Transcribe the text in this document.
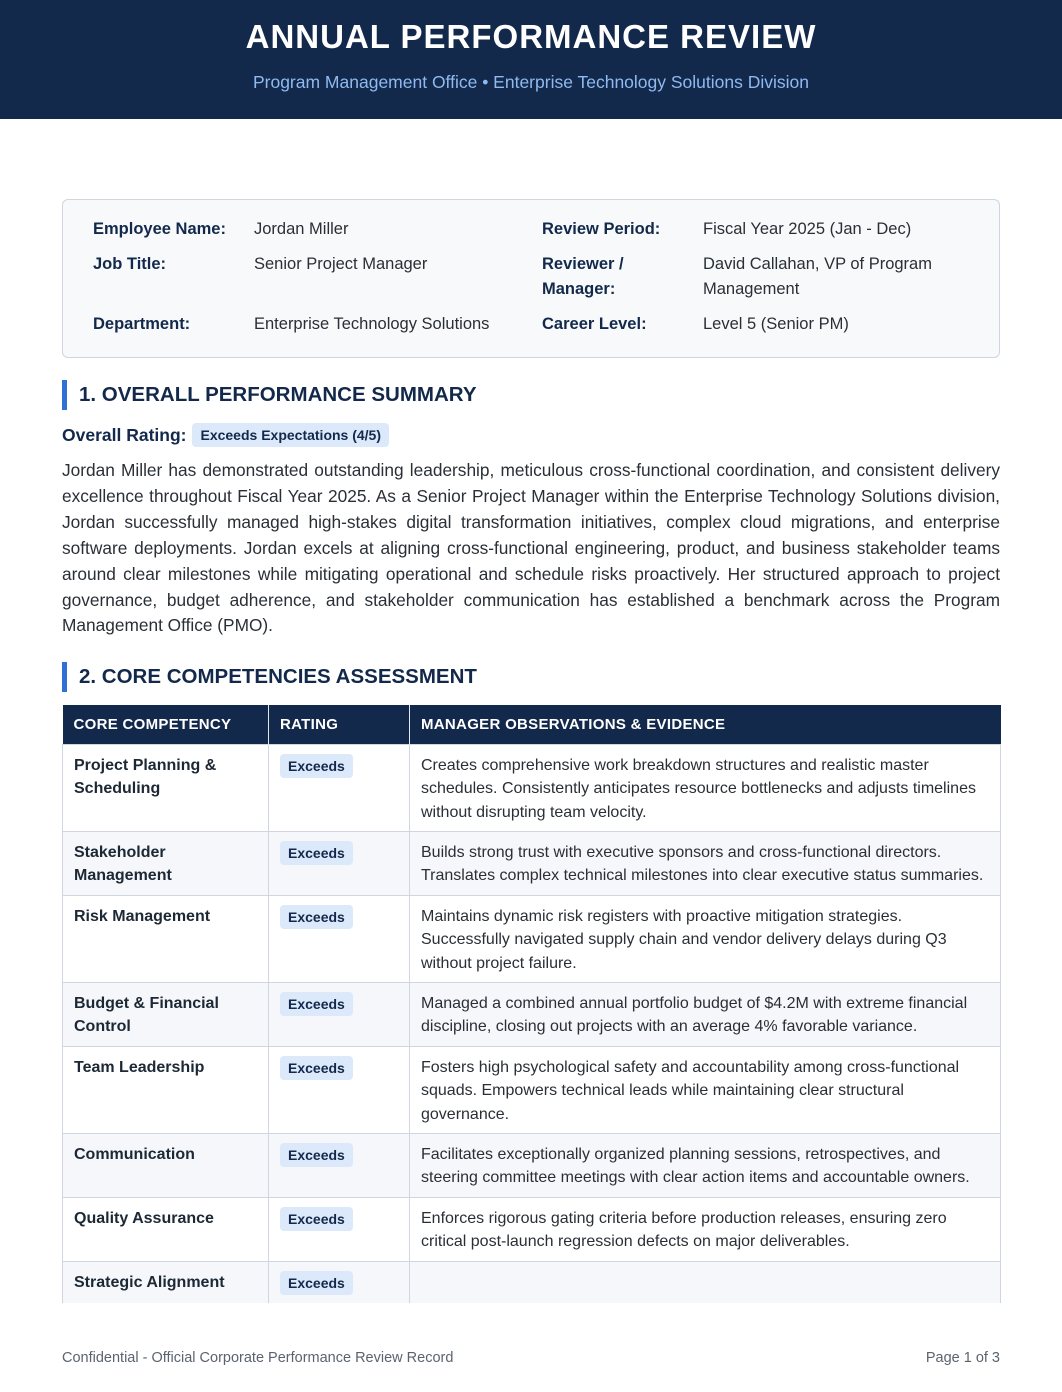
ANNUAL PERFORMANCE REVIEW
Program Management Office • Enterprise Technology Solutions Division
Employee Name: Jordan Miller
Job Title:	Senior Project Manager
Department:	Enterprise Technology Solutions
Review Period:	Fiscal Year 2025 (Jan - Dec)
Reviewer /
Manager:
David Callahan, VP of Program
Management
Career Level:	Level 5 (Senior PM)
1. OVERALL PERFORMANCE SUMMARY
Overall Rating:	Exceeds Expectations (4/5)
Jordan Miller has demonstrated outstanding leadership, meticulous cross-functional coordination, and consistent delivery excellence throughout Fiscal Year 2025. As a Senior Project Manager within the Enterprise Technology Solutions division, Jordan successfully managed high-stakes digital transformation initiatives, complex cloud migrations, and enterprise software deployments. Jordan excels at aligning cross-functional engineering, product, and business stakeholder teams around clear milestones while mitigating operational and schedule risks proactively. Her structured approach to project governance, budget adherence, and stakeholder communication has established a benchmark across the Program Management Office (PMO).
2. CORE COMPETENCIES ASSESSMENT
CORE COMPETENCY	RATING	MANAGER OBSERVATIONS & EVIDENCE
Project Planning & Scheduling	Exceeds	Creates comprehensive work breakdown structures and realistic master schedules. Consistently anticipates resource bottlenecks and adjusts timelines without disrupting team velocity.
Stakeholder Management	Exceeds	Builds strong trust with executive sponsors and cross-functional directors. Translates complex technical milestones into clear executive status summaries.
Risk Management	Exceeds	Maintains dynamic risk registers with proactive mitigation strategies. Successfully navigated supply chain and vendor delivery delays during Q3 without project failure.
Budget & Financial Control	Exceeds	Managed a combined annual portfolio budget of $4.2M with extreme financial discipline, closing out projects with an average 4% favorable variance.
Team Leadership	Exceeds	Fosters high psychological safety and accountability among cross-functional squads. Empowers technical leads while maintaining clear structural governance.
Communication	Exceeds	Facilitates exceptionally organized planning sessions, retrospectives, and steering committee meetings with clear action items and accountable owners.
Quality Assurance	Exceeds	Enforces rigorous gating criteria before production releases, ensuring zero critical post-launch regression defects on major deliverables.
Strategic Alignment	Exceeds	
Confidential - Official Corporate Performance Review Record	Page 1 of 3
